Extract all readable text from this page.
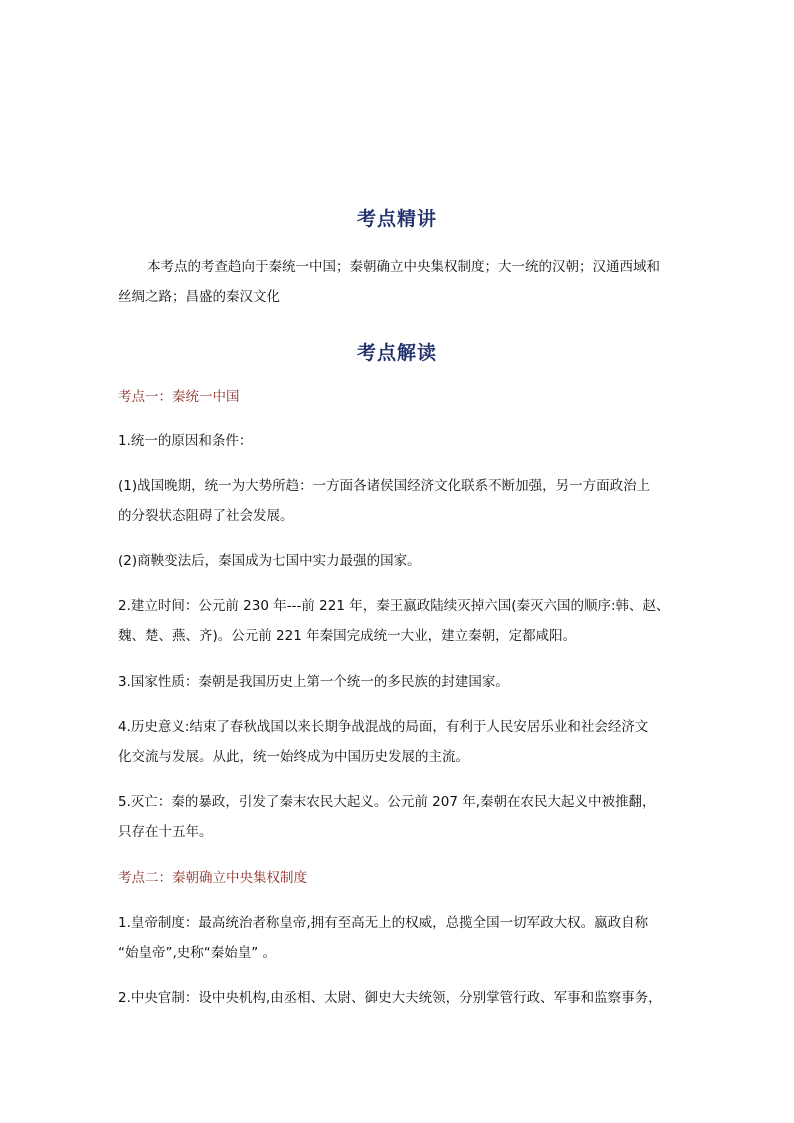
考点精讲
本考点的考查趋向于秦统一中国；秦朝确立中央集权制度；大一统的汉朝；汉通西域和
丝绸之路；昌盛的秦汉文化
考点解读
考点一：秦统一中国
1.统一的原因和条件：
(1)战国晚期，统一为大势所趋：一方面各诸侯国经济文化联系不断加强，另一方面政治上
的分裂状态阻碍了社会发展。
(2)商鞅变法后，秦国成为七国中实力最强的国家。
2.建立时间：公元前 230 年---前 221 年，秦王嬴政陆续灭掉六国(秦灭六国的顺序:韩、赵、
魏、楚、燕、齐)。公元前 221 年秦国完成统一大业，建立秦朝，定都咸阳。
3.国家性质：秦朝是我国历史上第一个统一的多民族的封建国家。
4.历史意义:结束了春秋战国以来长期争战混战的局面，有利于人民安居乐业和社会经济文
化交流与发展。从此，统一始终成为中国历史发展的主流。
5.灭亡：秦的暴政，引发了秦末农民大起义。公元前 207 年,秦朝在农民大起义中被推翻，
只存在十五年。
考点二：秦朝确立中央集权制度
1.皇帝制度：最高统治者称皇帝,拥有至高无上的权威，总揽全国一切军政大权。嬴政自称
“始皇帝”,史称“秦始皇” 。
2.中央官制：设中央机构,由丞相、太尉、御史大夫统领，分别掌管行政、军事和监察事务，
